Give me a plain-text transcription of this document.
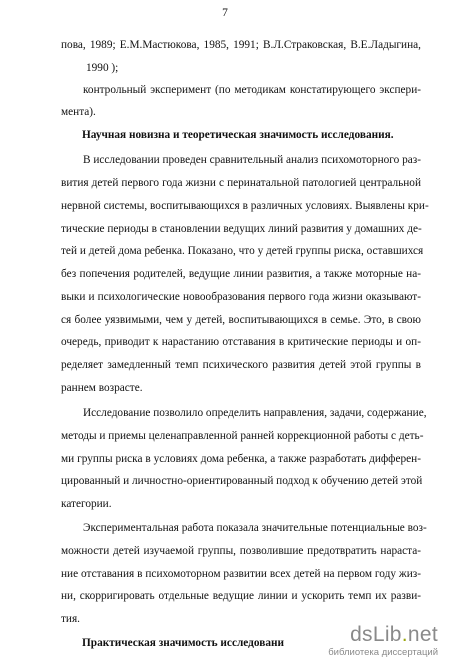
7
пова, 1989; Е.М.Мастюкова, 1985, 1991; В.Л.Страковская, В.Е.Ладыгина,
1990 );
контрольный эксперимент (по методикам констатирующего экспери-
мента).
Научная новизна и теоретическая значимость исследования.
В исследовании проведен сравнительный анализ психомоторного раз-
вития детей первого года жизни с перинатальной патологией центральной
нервной системы, воспитывающихся в различных условиях. Выявлены кри-
тические периоды в становлении ведущих линий развития у домашних де-
тей и детей дома ребенка. Показано, что у детей группы риска, оставшихся
без попечения родителей, ведущие линии развития, а также моторные на-
выки и психологические новообразования первого года жизни оказывают-
ся более уязвимыми, чем у детей, воспитывающихся в семье. Это, в свою
очередь, приводит к нарастанию отставания в критические периоды и оп-
ределяет замедленный темп психического развития детей этой группы в
раннем возрасте.
Исследование позволило определить направления, задачи, содержание,
методы и приемы целенаправленной ранней коррекционной работы с деть-
ми группы риска в условиях дома ребенка, а также разработать дифферен-
цированный и личностно-ориентированный подход к обучению детей этой
категории.
Экспериментальная работа показала значительные потенциальные воз-
можности детей изучаемой группы, позволившие предотвратить нараста-
ние отставания в психомоторном развитии всех детей на первом году жиз-
ни, скорригировать отдельные ведущие линии и ускорить темп их разви-
тия.
Практическая значимость исследовани	dsLib.net
библиотека диссертаций
